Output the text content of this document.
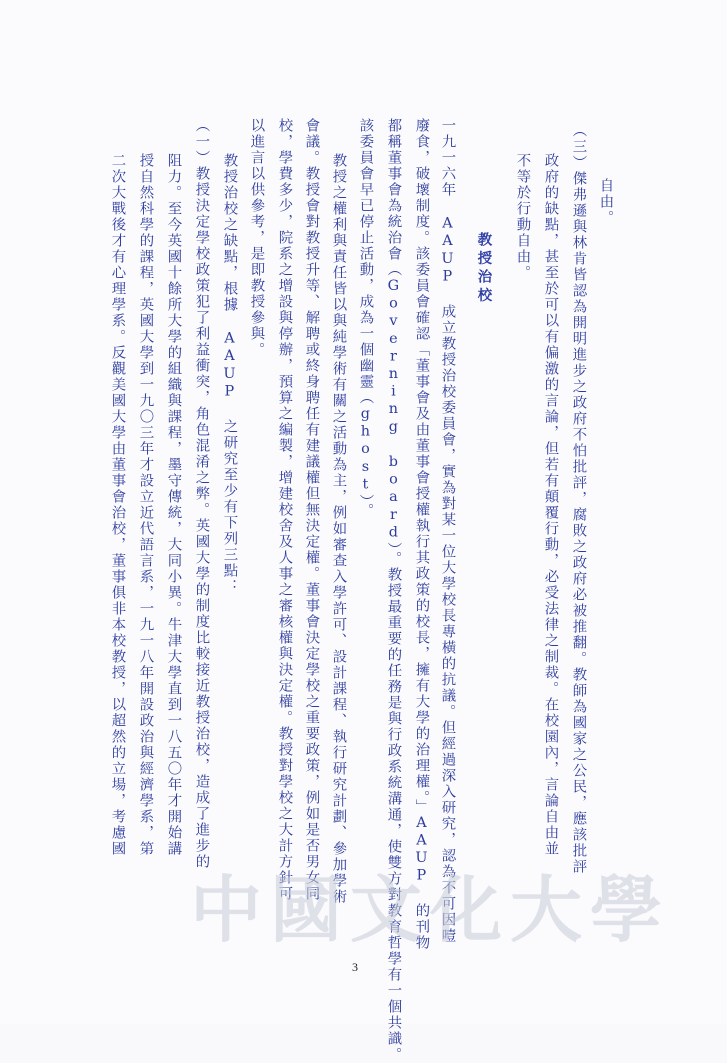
自由。
（三）傑弗遜與林肯皆認為開明進步之政府不怕批評，腐敗之政府必被推翻。教師為國家之公民，應該批評
政府的缺點，甚至於可以有偏激的言論，但若有顛覆行動，必受法律之制裁。在校園內，言論自由並
不等於行動自由。
教授治校
一九一六年 AAUP 成立教授治校委員會，實為對某一位大學校長專橫的抗議。但經過深入研究，認為不可因噎
廢食，破壞制度。該委員會確認「董事會及由董事會授權執行其政策的校長，擁有大學的治理權。」AAUP 的刊物
都稱董事會為統治會（Governing board）。教授最重要的任務是與行政系統溝通，使雙方對教育哲學有一個共識。
該委員會早已停止活動，成為一個幽靈（ghost）。
教授之權利與責任皆以與純學術有關之活動為主，例如審查入學許可、設計課程、執行研究計劃、參加學術
會議。教授會對教授升等、解聘或終身聘任有建議權但無決定權。董事會決定學校之重要政策，例如是否男女同
校，學費多少，院系之增設與停辦，預算之編製，增建校舍及人事之審核權與決定權。教授對學校之大計方針可
以進言以供參考，是即教授參與。
教授治校之缺點，根據 AAUP 之研究至少有下列三點：
（一）教授決定學校政策犯了利益衝突，角色混淆之弊。英國大學的制度比較接近教授治校，造成了進步的
阻力。至今英國十餘所大學的組織與課程，墨守傳統，大同小異。牛津大學直到一八五〇年才開始講
授自然科學的課程，英國大學到一九〇三年才設立近代語言系，一九一八年開設政治與經濟學系，第
二次大戰後才有心理學系。反觀美國大學由董事會治校，董事俱非本校教授，以超然的立場，考慮國
中國文化大學
3
